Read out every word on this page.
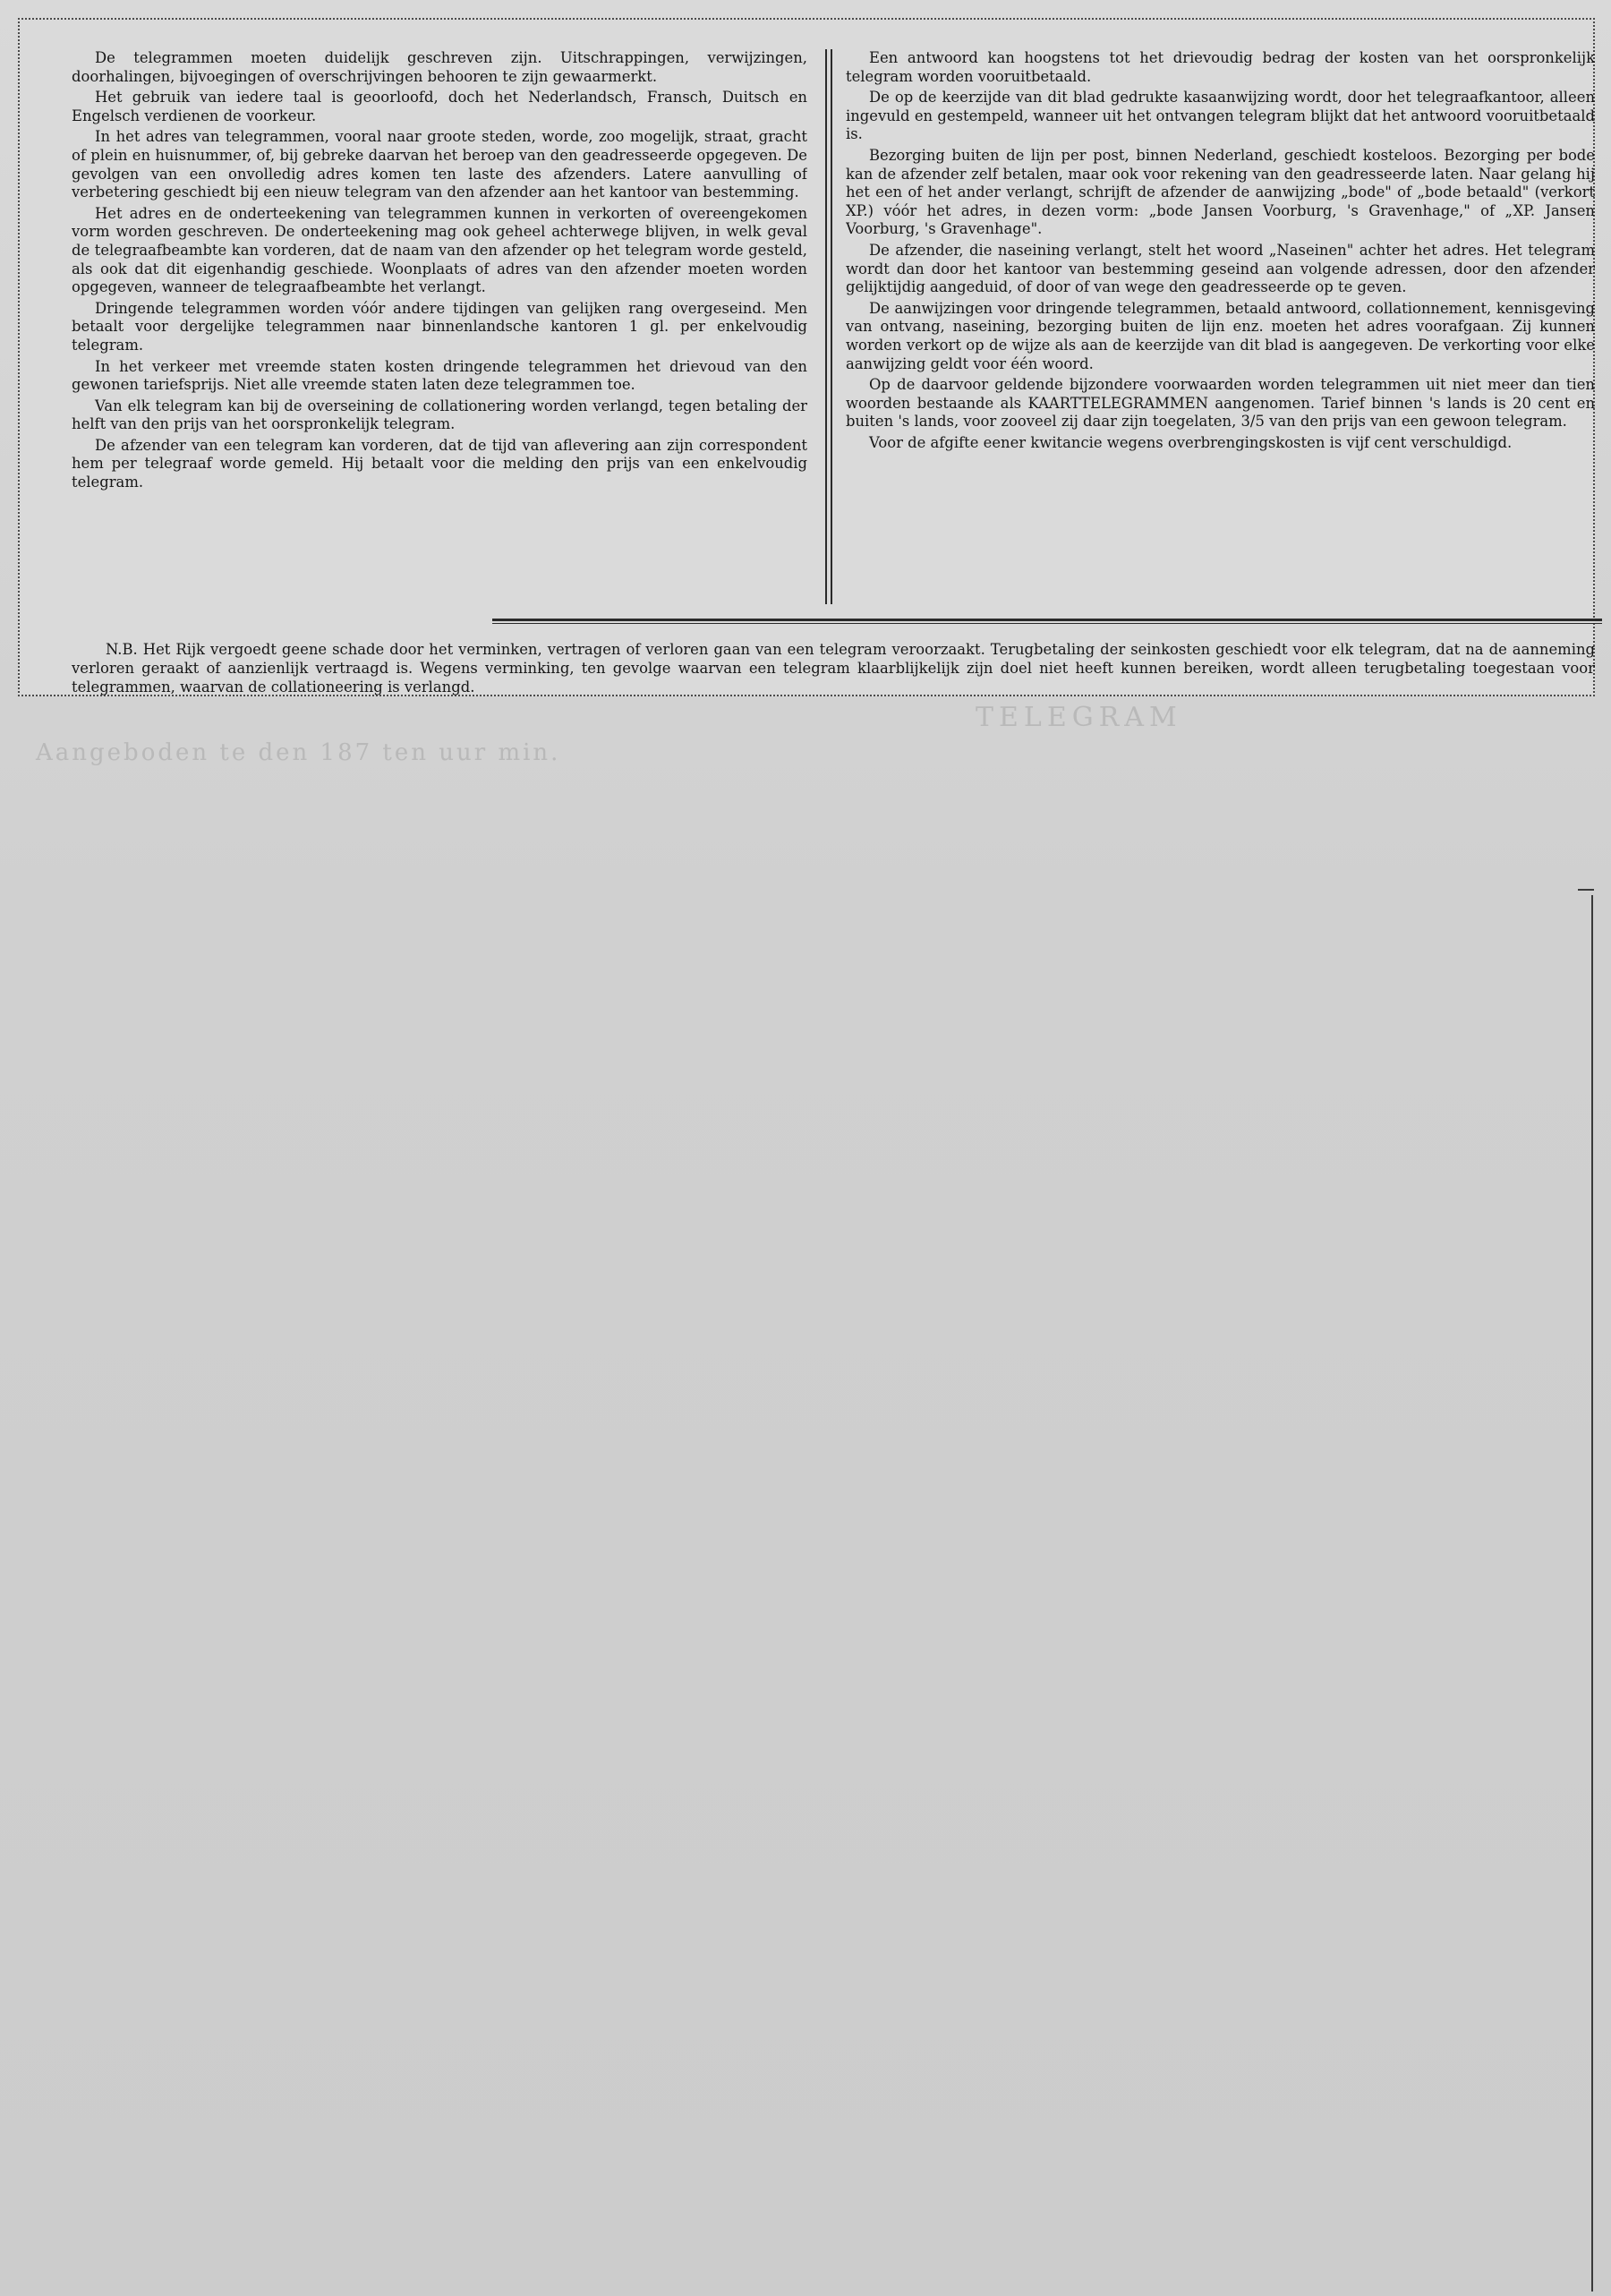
TELEGRAM
Aangeboden te den 187 ten uur min.

De telegrammen moeten duidelijk geschreven zijn. Uitschrappingen, verwijzingen, doorhalingen, bijvoegingen of overschrijvingen behooren te zijn gewaarmerkt.

Het gebruik van iedere taal is geoorloofd, doch het Nederlandsch, Fransch, Duitsch en Engelsch verdienen de voorkeur.

In het adres van telegrammen, vooral naar groote steden, worde, zoo mogelijk, straat, gracht of plein en huisnummer, of, bij gebreke daarvan het beroep van den geadresseerde opgegeven. De gevolgen van een onvolledig adres komen ten laste des afzenders. Latere aanvulling of verbetering geschiedt bij een nieuw telegram van den afzender aan het kantoor van bestemming.

Het adres en de onderteekening van telegrammen kunnen in verkorten of overeengekomen vorm worden geschreven. De onderteekening mag ook geheel achterwege blijven, in welk geval de telegraafbeambte kan vorderen, dat de naam van den afzender op het telegram worde gesteld, als ook dat dit eigenhandig geschiede. Woonplaats of adres van den afzender moeten worden opgegeven, wanneer de telegraafbeambte het verlangt.

Dringende telegrammen worden vóór andere tijdingen van gelijken rang overgeseind. Men betaalt voor dergelijke telegrammen naar binnenlandsche kantoren 1 gl. per enkelvoudig telegram.

In het verkeer met vreemde staten kosten dringende telegrammen het drievoud van den gewonen tariefsprijs. Niet alle vreemde staten laten deze telegrammen toe.

Van elk telegram kan bij de overseining de collationering worden verlangd, tegen betaling der helft van den prijs van het oorspronkelijk telegram.

De afzender van een telegram kan vorderen, dat de tijd van aflevering aan zijn correspondent hem per telegraaf worde gemeld. Hij betaalt voor die melding den prijs van een enkelvoudig telegram.

Een antwoord kan hoogstens tot het drievoudig bedrag der kosten van het oorspronkelijk telegram worden vooruitbetaald.

De op de keerzijde van dit blad gedrukte kasaanwijzing wordt, door het telegraafkantoor, alleen ingevuld en gestempeld, wanneer uit het ontvangen telegram blijkt dat het antwoord vooruitbetaald is.

Bezorging buiten de lijn per post, binnen Nederland, geschiedt kosteloos. Bezorging per bode kan de afzender zelf betalen, maar ook voor rekening van den geadresseerde laten. Naar gelang hij het een of het ander verlangt, schrijft de afzender de aanwijzing „bode" of „bode betaald" (verkort XP.) vóór het adres, in dezen vorm: „bode Jansen Voorburg, 's Gravenhage," of „XP. Jansen Voorburg, 's Gravenhage".

De afzender, die naseining verlangt, stelt het woord „Naseinen" achter het adres. Het telegram wordt dan door het kantoor van bestemming geseind aan volgende adressen, door den afzender gelijktijdig aangeduid, of door of van wege den geadresseerde op te geven.

De aanwijzingen voor dringende telegrammen, betaald antwoord, collationnement, kennisgeving van ontvang, naseining, bezorging buiten de lijn enz. moeten het adres voorafgaan. Zij kunnen worden verkort op de wijze als aan de keerzijde van dit blad is aangegeven. De verkorting voor elke aanwijzing geldt voor één woord.

Op de daarvoor geldende bijzondere voorwaarden worden telegrammen uit niet meer dan tien woorden bestaande als KAARTTELEGRAMMEN aangenomen. Tarief binnen 's lands is 20 cent en buiten 's lands, voor zooveel zij daar zijn toegelaten, 3/5 van den prijs van een gewoon telegram.

Voor de afgifte eener kwitancie wegens overbrengingskosten is vijf cent verschuldigd.

N.B. Het Rijk vergoedt geene schade door het verminken, vertragen of verloren gaan van een telegram veroorzaakt. Terugbetaling der seinkosten geschiedt voor elk telegram, dat na de aanneming verloren geraakt of aanzienlijk vertraagd is. Wegens verminking, ten gevolge waarvan een telegram klaarblijkelijk zijn doel niet heeft kunnen bereiken, wordt alleen terugbetaling toegestaan voor telegrammen, waarvan de collationeering is verlangd.
